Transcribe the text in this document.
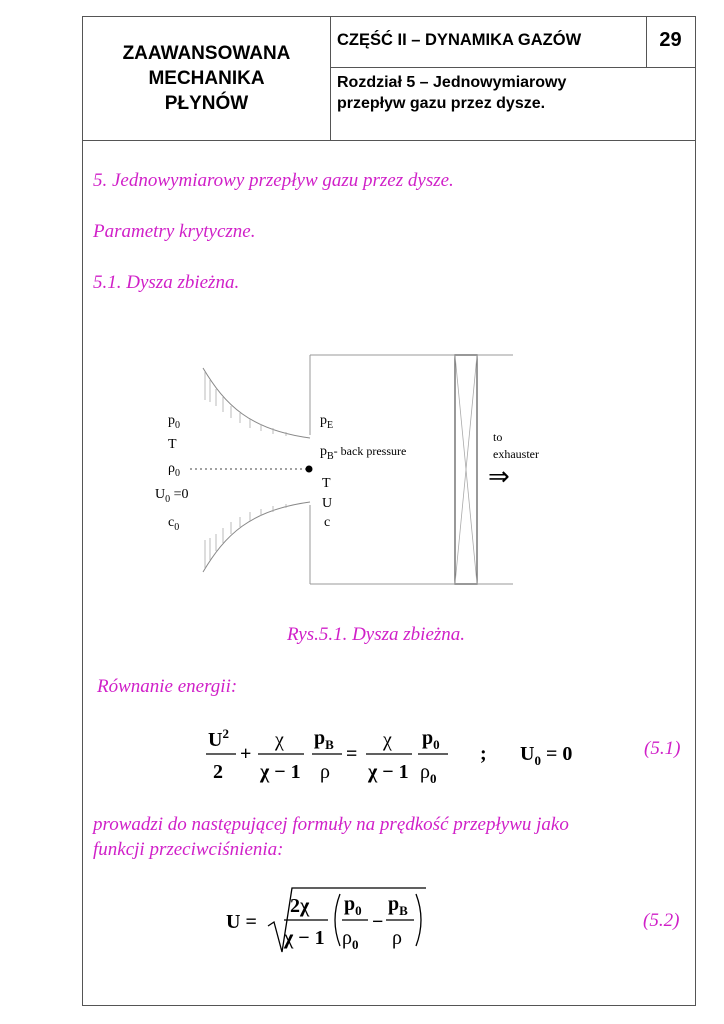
ZAAWANSOWANA
MECHANIKA
PŁYNÓW
CZĘŚĆ II – DYNAMIKA GAZÓW	29
Rozdział 5 – Jednowymiarowy
przepływ gazu przez dysze.
5. Jednowymiarowy przepływ gazu przez dysze.
Parametry krytyczne.
5.1. Dysza zbieżna.
$p_0$
T
$\rho_0$
$U_0 =0$
$c_0$
$p_E$
$p_B-$ back pressure
T
U
c
to
exhauster
⇒
Rys.5.1. Dysza zbieżna.
Równanie energii:
$U^2$
2
+
χ
χ − 1
$p_B$
ρ
=
χ
χ − 1
$p_0$
$\rho_0$
; $U_0 = 0$	(5.1)
prowadzi do następującej formuły na prędkość przepływu jako
funkcji przeciwciśnienia:
U =
2χ
χ − 1
$p_0$
$\rho_0$
−
$p_B$
ρ
(5.2)
